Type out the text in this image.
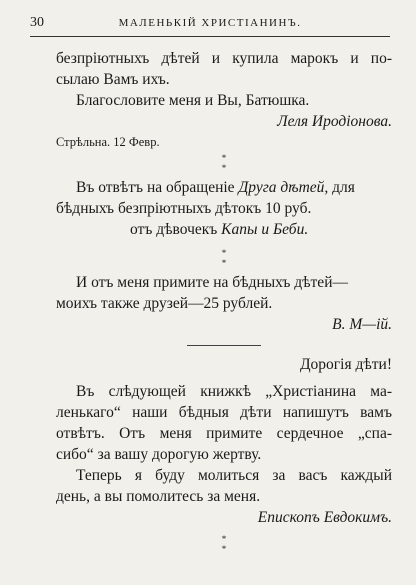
30	МАЛЕНЬКІЙ ХРИСТІАНИНЪ.
безпріютныхъ дѣтей и купила марокъ и по-
сылаю Вамъ ихъ.
Благословите меня и Вы, Батюшка.
Леля Иродіонова.
Стрѣльна. 12 Февр.
*
*
Въ отвѣтъ на обращеніе Друга дѣтей, для
бѣдныхъ безпріютныхъ дѣтокъ 10 руб.
отъ дѣвочекъ Капы и Беби.
*
*
И отъ меня примите на бѣдныхъ дѣтей—
моихъ также друзей—25 рублей.
В. М—ій.
Дорогія дѣти!
Въ слѣдующей книжкѣ „Христіанина ма-
ленькаго“ наши бѣдныя дѣти напишутъ вамъ
отвѣтъ. Отъ меня примите сердечное „спа-
сибо“ за вашу дорогую жертву.
Теперь я буду молиться за васъ каждый
день, а вы помолитесь за меня.
Епископъ Евдокимъ.
*
*
